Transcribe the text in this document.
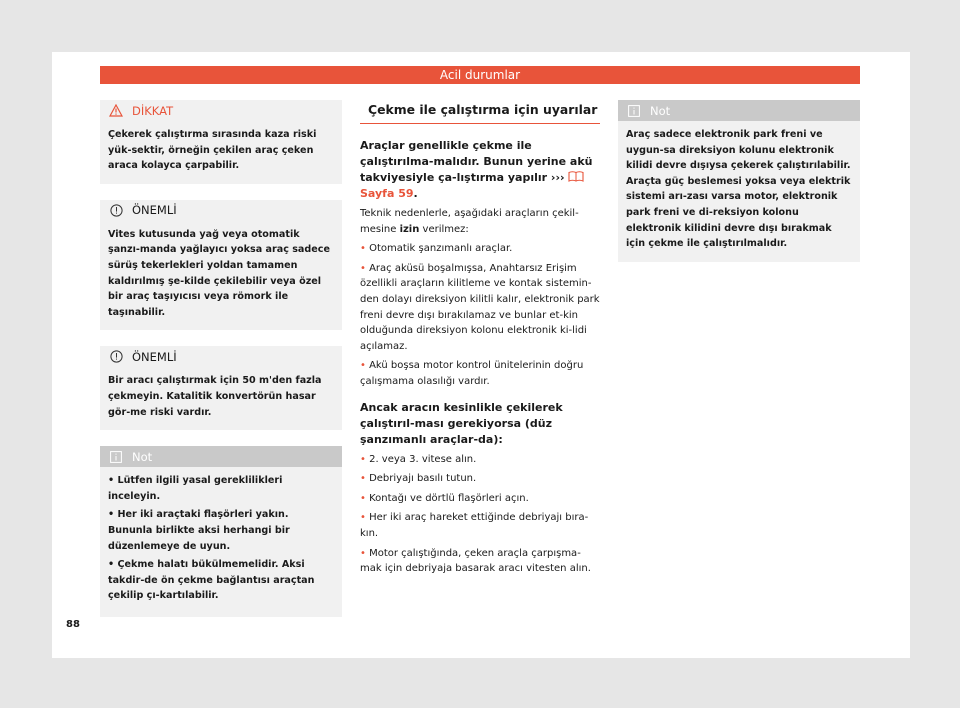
Acil durumlar
DİKKAT

Çekerek çalıştırma sırasında kaza riski yük-sektir, örneğin çekilen araç çeken araca kolayca çarpabilir.

ÖNEMLİ

Vites kutusunda yağ veya otomatik şanzı-manda yağlayıcı yoksa araç sadece sürüş tekerlekleri yoldan tamamen kaldırılmış şe-kilde çekilebilir veya özel bir araç taşıyıcısı veya römork ile taşınabilir.

ÖNEMLİ

Bir aracı çalıştırmak için 50 m'den fazla çekmeyin. Katalitik konvertörün hasar gör-me riski vardır.

Not

• Lütfen ilgili yasal gereklilikleri inceleyin.

• Her iki araçtaki flaşörleri yakın. Bununla birlikte aksi herhangi bir düzenlemeye de uyun.

• Çekme halatı bükülmemelidir. Aksi takdir-de ön çekme bağlantısı araçtan çekilip çı-kartılabilir.

Çekme ile çalıştırma için uyarılar

Araçlar genellikle çekme ile çalıştırılma-malıdır. Bunun yerine akü takviyesiyle ça-lıştırma yapılır ›››  Sayfa 59.

Teknik nedenlerle, aşağıdaki araçların çekil-mesine izin verilmez:

• Otomatik şanzımanlı araçlar.

• Araç aküsü boşalmışsa, Anahtarsız Erişim özellikli araçların kilitleme ve kontak sistemin-den dolayı direksiyon kilitli kalır, elektronik park freni devre dışı bırakılamaz ve bunlar et-kin olduğunda direksiyon kolonu elektronik ki-lidi açılamaz.

• Akü boşsa motor kontrol ünitelerinin doğru çalışmama olasılığı vardır.

Ancak aracın kesinlikle çekilerek çalıştırıl-ması gerekiyorsa (düz şanzımanlı araçlar-da):

• 2. veya 3. vitese alın.

• Debriyajı basılı tutun.

• Kontağı ve dörtlü flaşörleri açın.

• Her iki araç hareket ettiğinde debriyajı bıra-kın.

• Motor çalıştığında, çeken araçla çarpışma-mak için debriyaja basarak aracı vitesten alın.

Not

Araç sadece elektronik park freni ve uygun-sa direksiyon kolunu elektronik kilidi devre dışıysa çekerek çalıştırılabilir. Araçta güç beslemesi yoksa veya elektrik sistemi arı-zası varsa motor, elektronik park freni ve di-reksiyon kolonu elektronik kilidini devre dışı bırakmak için çekme ile çalıştırılmalıdır.

88
